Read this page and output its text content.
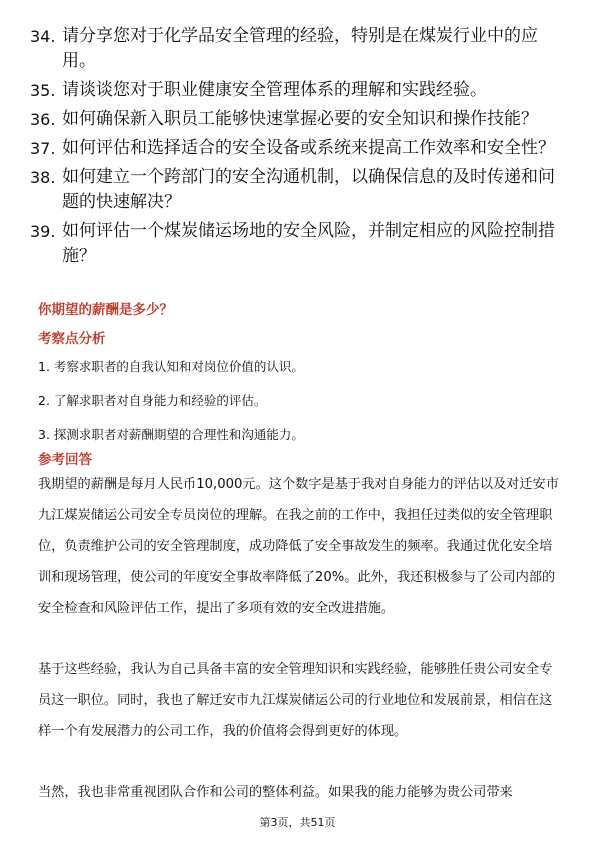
34. 请分享您对于化学品安全管理的经验，特别是在煤炭行业中的应用。
35. 请谈谈您对于职业健康安全管理体系的理解和实践经验。
36. 如何确保新入职员工能够快速掌握必要的安全知识和操作技能？
37. 如何评估和选择适合的安全设备或系统来提高工作效率和安全性？
38. 如何建立一个跨部门的安全沟通机制，以确保信息的及时传递和问题的快速解决？
39. 如何评估一个煤炭储运场地的安全风险，并制定相应的风险控制措施？
你期望的薪酬是多少？
考察点分析
1. 考察求职者的自我认知和对岗位价值的认识。
2. 了解求职者对自身能力和经验的评估。
3. 探测求职者对薪酬期望的合理性和沟通能力。
参考回答

我期望的薪酬是每月人民币10,000元。这个数字是基于我对自身能力的评估以及对迁安市九江煤炭储运公司安全专员岗位的理解。在我之前的工作中，我担任过类似的安全管理职位，负责维护公司的安全管理制度，成功降低了安全事故发生的频率。我通过优化安全培训和现场管理，使公司的年度安全事故率降低了20%。此外，我还积极参与了公司内部的安全检查和风险评估工作，提出了多项有效的安全改进措施。

基于这些经验，我认为自己具备丰富的安全管理知识和实践经验，能够胜任贵公司安全专员这一职位。同时，我也了解迁安市九江煤炭储运公司的行业地位和发展前景，相信在这样一个有发展潜力的公司工作，我的价值将会得到更好的体现。

当然，我也非常重视团队合作和公司的整体利益。如果我的能力能够为贵公司带来

第3页，共51页
